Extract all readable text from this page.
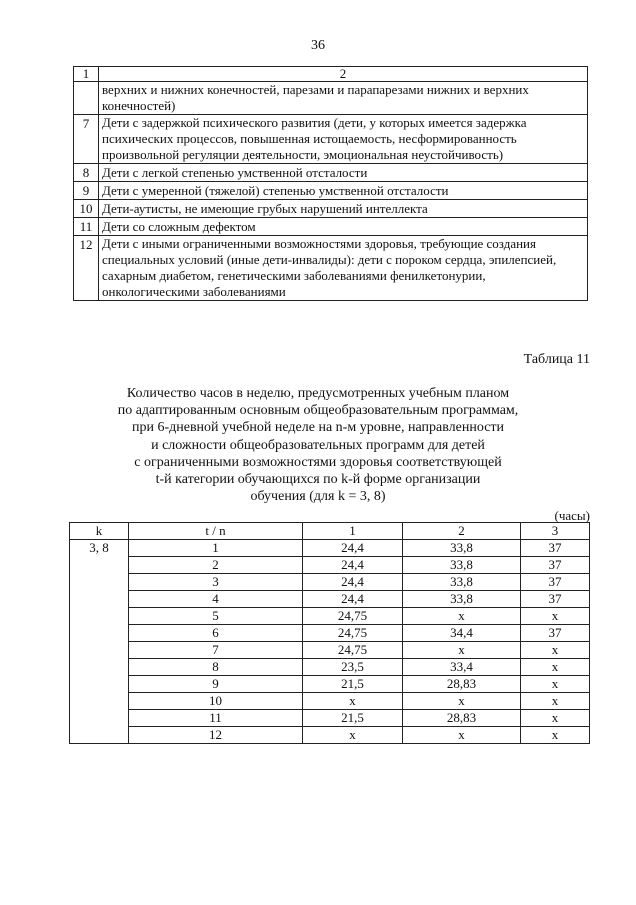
36
1	2
	верхних и нижних конечностей, парезами и парапарезами нижних и верхних конечностей)
7	Дети с задержкой психического развития (дети, у которых имеется задержка психических процессов, повышенная истощаемость, несформированность произвольной регуляции деятельности, эмоциональная неустойчивость)
8	Дети с легкой степенью умственной отсталости
9	Дети с умеренной (тяжелой) степенью умственной отсталости
10	Дети-аутисты, не имеющие грубых нарушений интеллекта
11	Дети со сложным дефектом
12	Дети с иными ограниченными возможностями здоровья, требующие создания специальных условий (иные дети-инвалиды): дети с пороком сердца, эпилепсией, сахарным диабетом, генетическими заболеваниями фенилкетонурии, онкологическими заболеваниями
Таблица 11
Количество часов в неделю, предусмотренных учебным планом
по адаптированным основным общеобразовательным программам,
при 6-дневной учебной неделе на n-м уровне, направленности
и сложности общеобразовательных программ для детей
с ограниченными возможностями здоровья соответствующей
t-й категории обучающихся по k-й форме организации
обучения (для k = 3, 8)
(часы)
k	t / n	1	2	3
3, 8	1	24,4	33,8	37
	2	24,4	33,8	37
	3	24,4	33,8	37
	4	24,4	33,8	37
	5	24,75	x	x
	6	24,75	34,4	37
	7	24,75	x	x
	8	23,5	33,4	x
	9	21,5	28,83	x
	10	x	x	x
	11	21,5	28,83	x
	12	x	x	x
